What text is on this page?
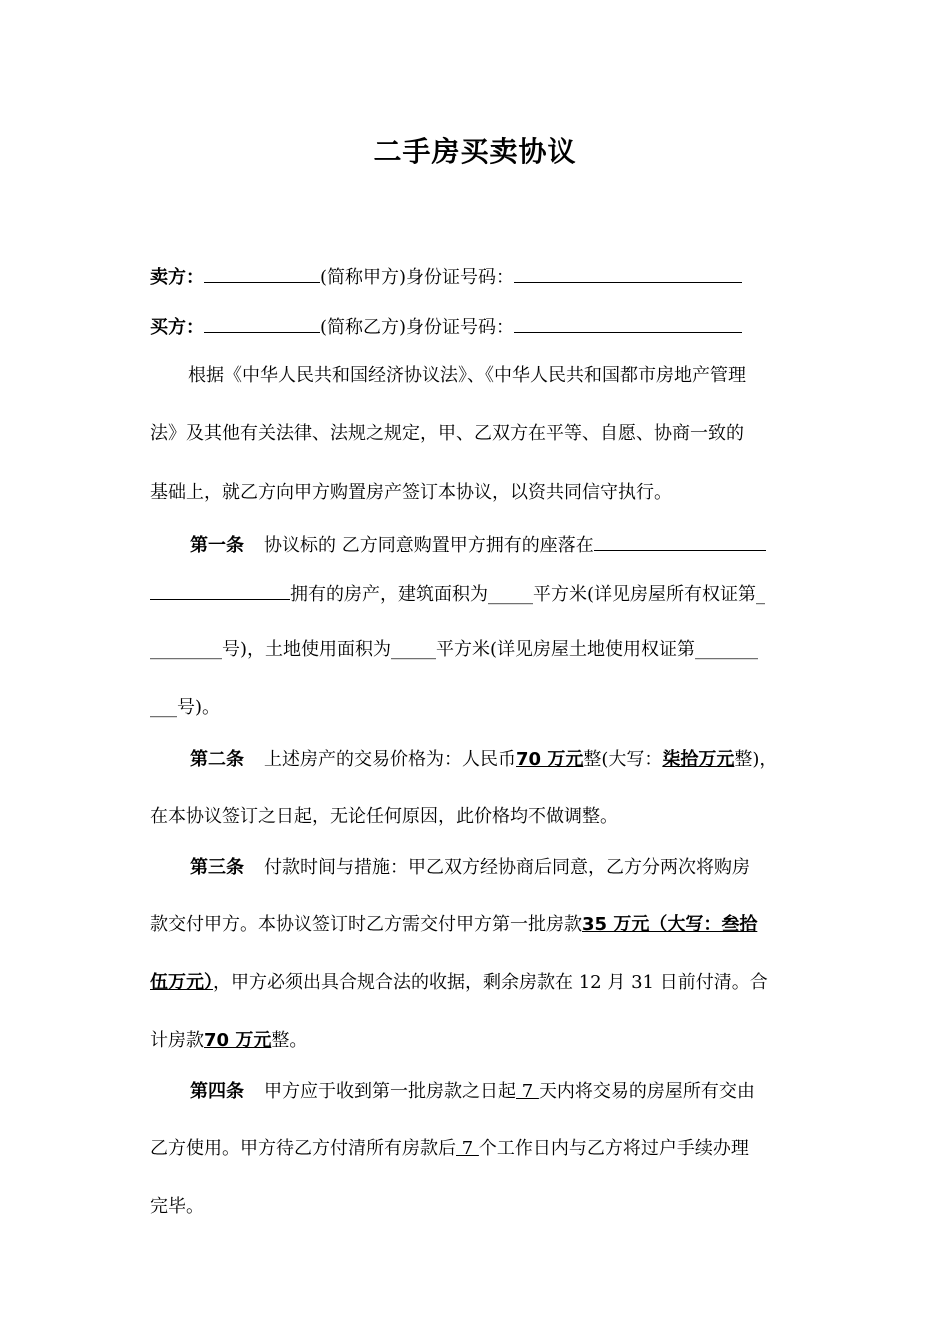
二手房买卖协议
卖方：	(简称甲方)身份证号码：
买方：	(简称乙方)身份证号码：
根据《中华人民共和国经济协议法》、《中华人民共和国都市房地产管理
法》及其他有关法律、法规之规定，甲、乙双方在平等、自愿、协商一致的
基础上，就乙方向甲方购置房产签订本协议，以资共同信守执行。
第一条 协议标的 乙方同意购置甲方拥有的座落在
拥有的房产，建筑面积为_____平方米(详见房屋所有权证第_
________号)，土地使用面积为_____平方米(详见房屋土地使用权证第_______
___号)。
第二条 上述房产的交易价格为：人民币70 万元整(大写：柒拾万元整)，
在本协议签订之日起，无论任何原因，此价格均不做调整。
第三条 付款时间与措施：甲乙双方经协商后同意，乙方分两次将购房
款交付甲方。本协议签订时乙方需交付甲方第一批房款35 万元（大写：叁拾
伍万元），甲方必须出具合规合法的收据，剩余房款在 12 月 31 日前付清。合
计房款70 万元整。
第四条 甲方应于收到第一批房款之日起 7 天内将交易的房屋所有交由
乙方使用。甲方待乙方付清所有房款后 7 个工作日内与乙方将过户手续办理
完毕。
